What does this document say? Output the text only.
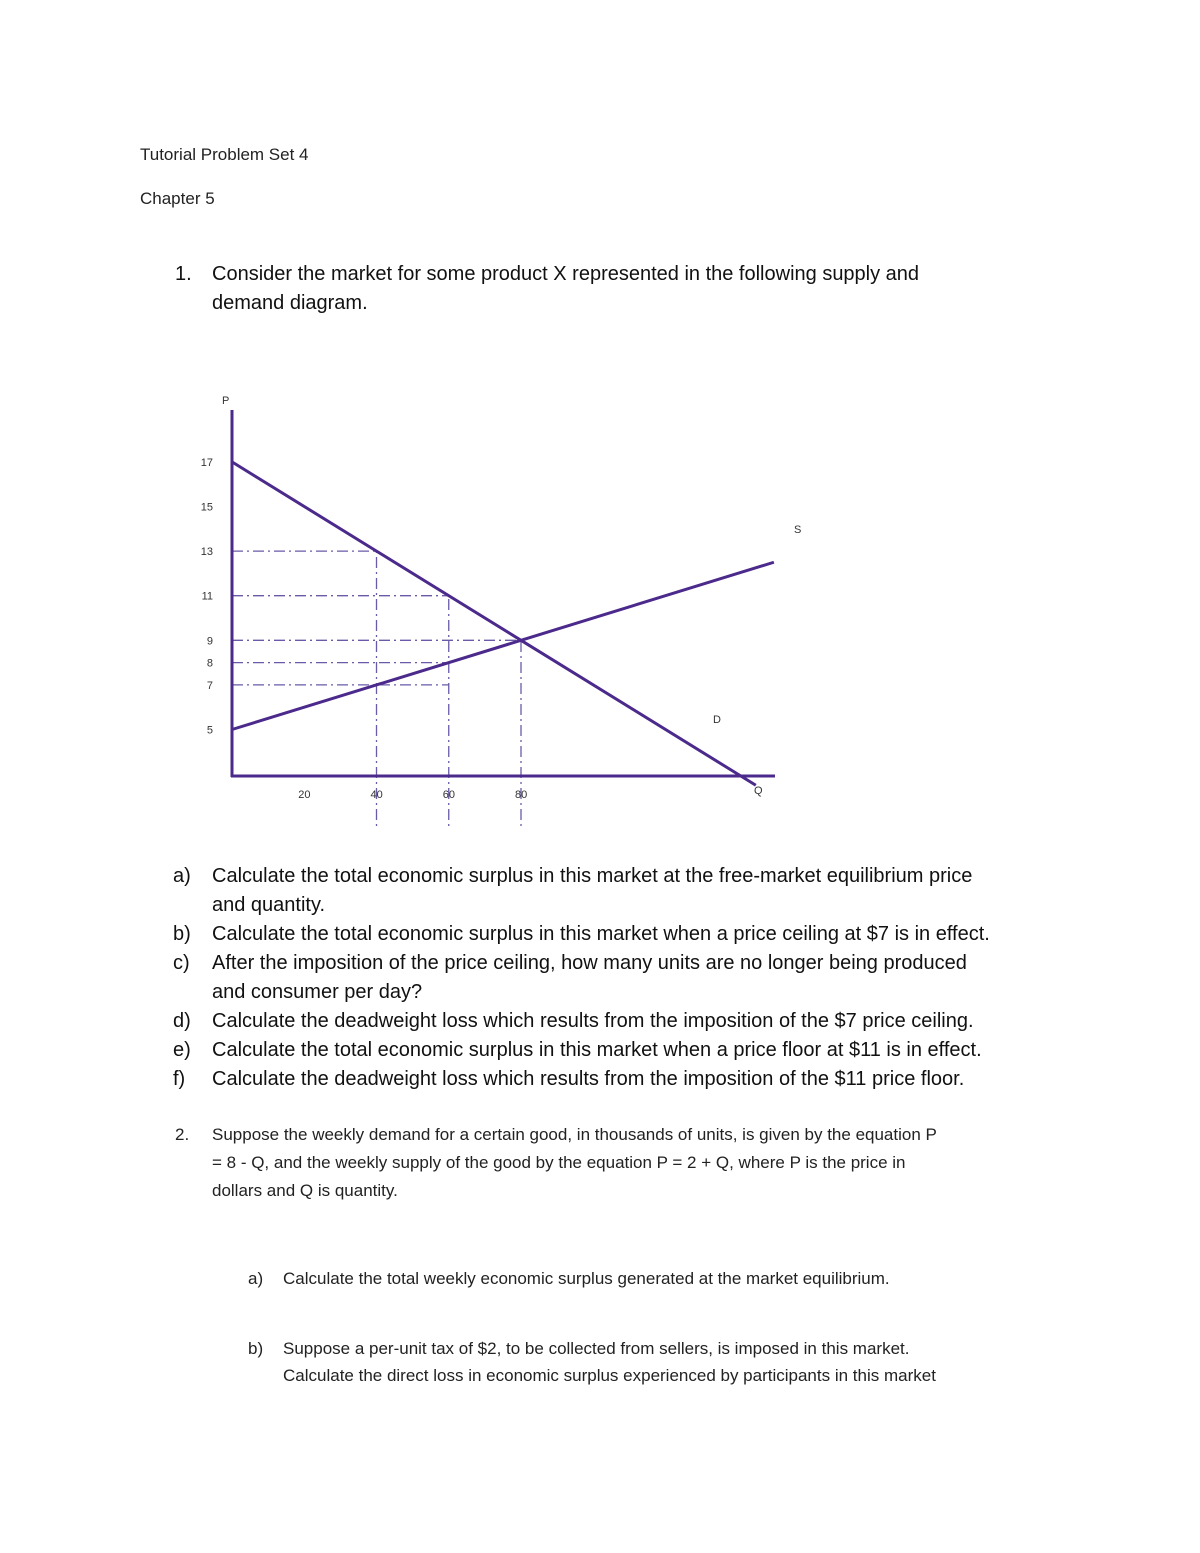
Tutorial Problem Set 4
Chapter 5
1. Consider the market for some product X represented in the following supply and
demand diagram.
17
15
13
11
9
8
7
5
20	40	60	80
P
Q
S
D
a) Calculate the total economic surplus in this market at the free-market equilibrium price
and quantity.
b) Calculate the total economic surplus in this market when a price ceiling at $7 is in effect.
c) After the imposition of the price ceiling, how many units are no longer being produced
and consumer per day?
d) Calculate the deadweight loss which results from the imposition of the $7 price ceiling.
e) Calculate the total economic surplus in this market when a price floor at $11 is in effect.
f) Calculate the deadweight loss which results from the imposition of the $11 price floor.
2. Suppose the weekly demand for a certain good, in thousands of units, is given by the equation P
= 8 - Q, and the weekly supply of the good by the equation P = 2 + Q, where P is the price in
dollars and Q is quantity.
a) Calculate the total weekly economic surplus generated at the market equilibrium.
b) Suppose a per-unit tax of $2, to be collected from sellers, is imposed in this market.
Calculate the direct loss in economic surplus experienced by participants in this market
